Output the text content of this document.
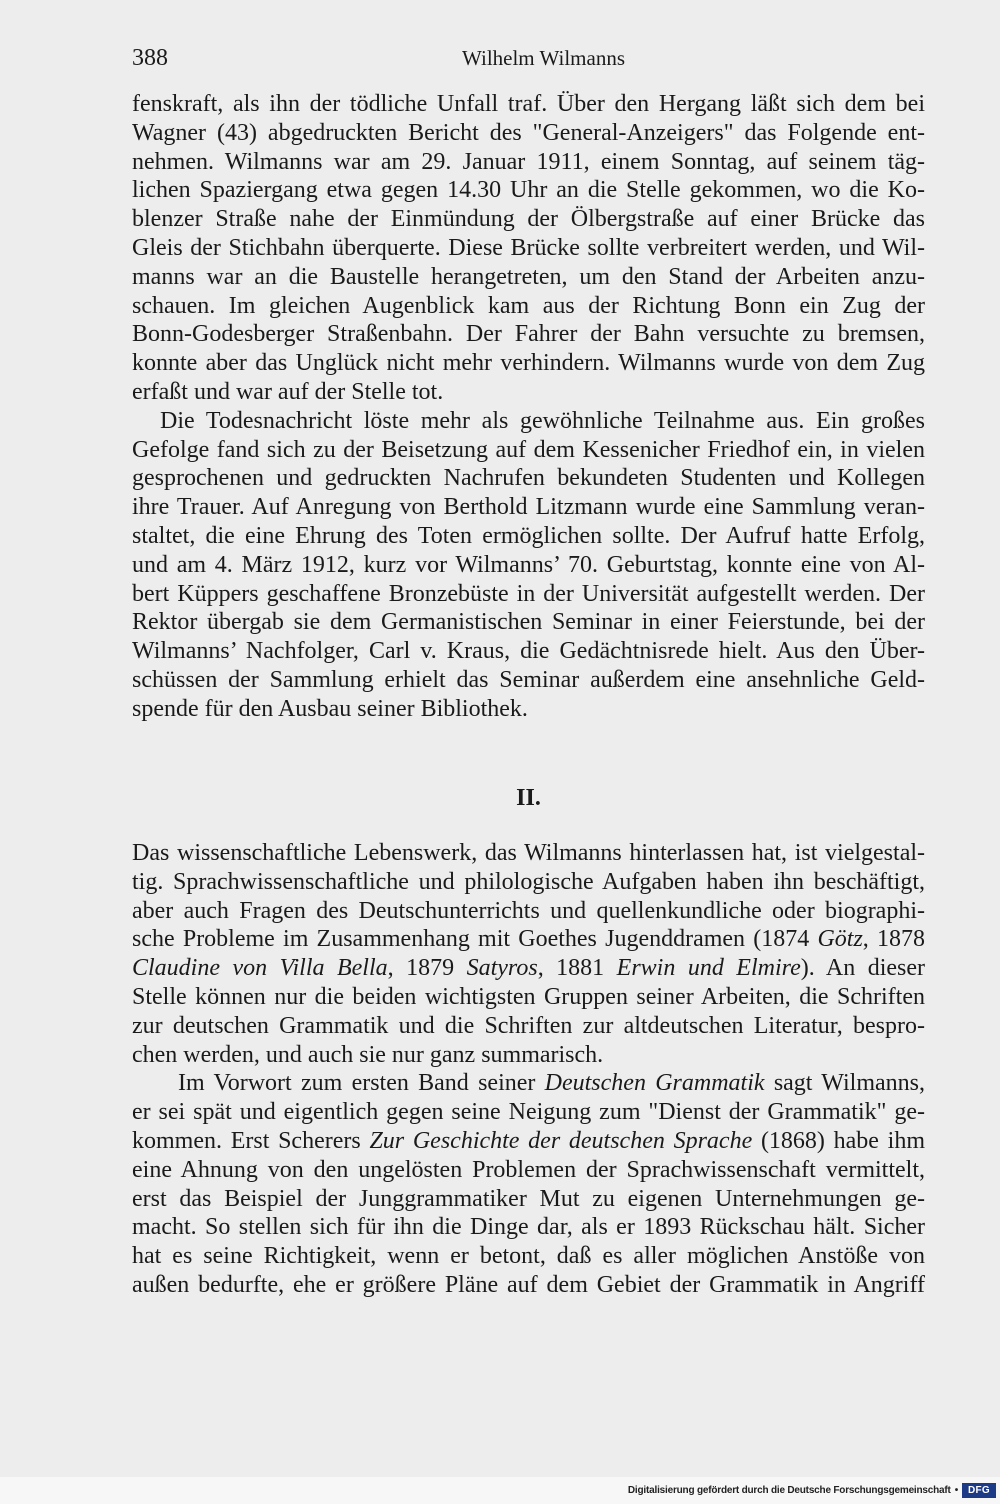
388	Wilhelm Wilmanns
fenskraft, als ihn der tödliche Unfall traf. Über den Hergang läßt sich dem bei
Wagner (43) abgedruckten Bericht des "General-Anzeigers" das Folgende ent-
nehmen. Wilmanns war am 29. Januar 1911, einem Sonntag, auf seinem täg-
lichen Spaziergang etwa gegen 14.30 Uhr an die Stelle gekommen, wo die Ko-
blenzer Straße nahe der Einmündung der Ölbergstraße auf einer Brücke das
Gleis der Stichbahn überquerte. Diese Brücke sollte verbreitert werden, und Wil-
manns war an die Baustelle herangetreten, um den Stand der Arbeiten anzu-
schauen. Im gleichen Augenblick kam aus der Richtung Bonn ein Zug der
Bonn-Godesberger Straßenbahn. Der Fahrer der Bahn versuchte zu bremsen,
konnte aber das Unglück nicht mehr verhindern. Wilmanns wurde von dem Zug
erfaßt und war auf der Stelle tot.
Die Todesnachricht löste mehr als gewöhnliche Teilnahme aus. Ein großes
Gefolge fand sich zu der Beisetzung auf dem Kessenicher Friedhof ein, in vielen
gesprochenen und gedruckten Nachrufen bekundeten Studenten und Kollegen
ihre Trauer. Auf Anregung von Berthold Litzmann wurde eine Sammlung veran-
staltet, die eine Ehrung des Toten ermöglichen sollte. Der Aufruf hatte Erfolg,
und am 4. März 1912, kurz vor Wilmanns’ 70. Geburtstag, konnte eine von Al-
bert Küppers geschaffene Bronzebüste in der Universität aufgestellt werden. Der
Rektor übergab sie dem Germanistischen Seminar in einer Feierstunde, bei der
Wilmanns’ Nachfolger, Carl v. Kraus, die Gedächtnisrede hielt. Aus den Über-
schüssen der Sammlung erhielt das Seminar außerdem eine ansehnliche Geld-
spende für den Ausbau seiner Bibliothek.
II.
Das wissenschaftliche Lebenswerk, das Wilmanns hinterlassen hat, ist vielgestal-
tig. Sprachwissenschaftliche und philologische Aufgaben haben ihn beschäftigt,
aber auch Fragen des Deutschunterrichts und quellenkundliche oder biographi-
sche Probleme im Zusammenhang mit Goethes Jugenddramen (1874 Götz, 1878
Claudine von Villa Bella, 1879 Satyros, 1881 Erwin und Elmire). An dieser
Stelle können nur die beiden wichtigsten Gruppen seiner Arbeiten, die Schriften
zur deutschen Grammatik und die Schriften zur altdeutschen Literatur, bespro-
chen werden, und auch sie nur ganz summarisch.
Im Vorwort zum ersten Band seiner Deutschen Grammatik sagt Wilmanns,
er sei spät und eigentlich gegen seine Neigung zum "Dienst der Grammatik" ge-
kommen. Erst Scherers Zur Geschichte der deutschen Sprache (1868) habe ihm
eine Ahnung von den ungelösten Problemen der Sprachwissenschaft vermittelt,
erst das Beispiel der Junggrammatiker Mut zu eigenen Unternehmungen ge-
macht. So stellen sich für ihn die Dinge dar, als er 1893 Rückschau hält. Sicher
hat es seine Richtigkeit, wenn er betont, daß es aller möglichen Anstöße von
außen bedurfte, ehe er größere Pläne auf dem Gebiet der Grammatik in Angriff
Digitalisierung gefördert durch die Deutsche Forschungsgemeinschaft • DFG
